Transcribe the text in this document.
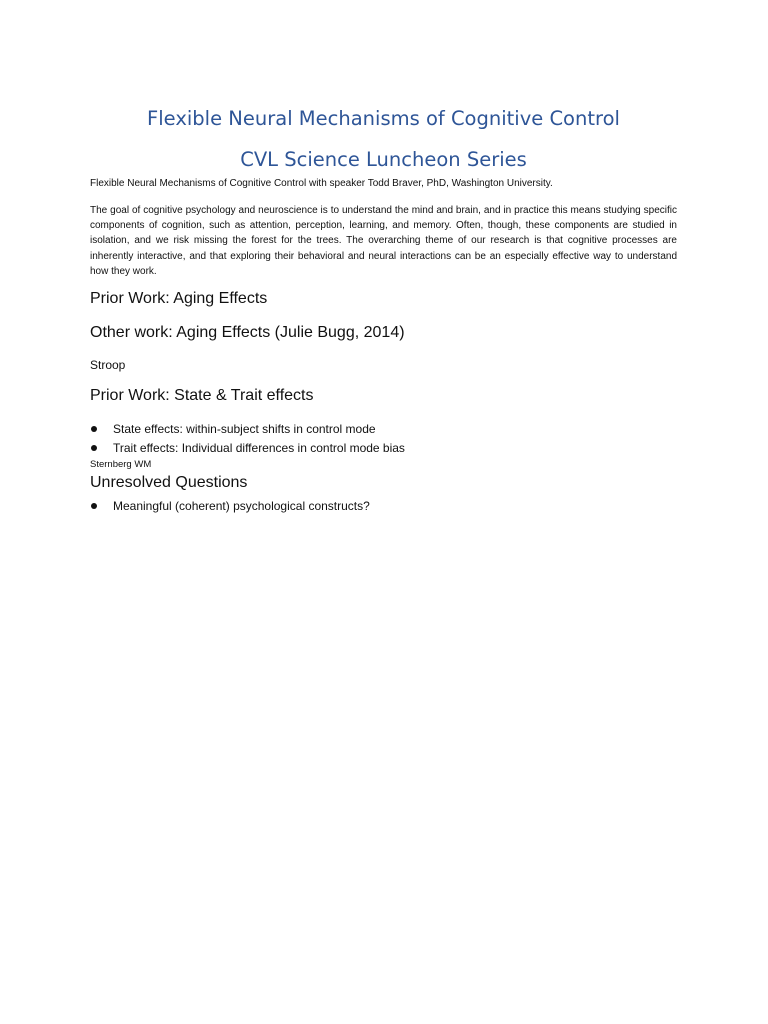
Flexible Neural Mechanisms of Cognitive Control
CVL Science Luncheon Series

Flexible Neural Mechanisms of Cognitive Control with speaker Todd Braver, PhD, Washington University.

The goal of cognitive psychology and neuroscience is to understand the mind and brain, and in practice this means studying specific components of cognition, such as attention, perception, learning, and memory. Often, though, these components are studied in isolation, and we risk missing the forest for the trees. The overarching theme of our research is that cognitive processes are inherently interactive, and that exploring their behavioral and neural interactions can be an especially effective way to understand how they work.

Prior Work: Aging Effects
Other work: Aging Effects (Julie Bugg, 2014)

Stroop

Prior Work: State & Trait effects
State effects: within-subject shifts in control mode
Trait effects: Individual differences in control mode bias

Sternberg WM

Unresolved Questions
Meaningful (coherent) psychological constructs?
